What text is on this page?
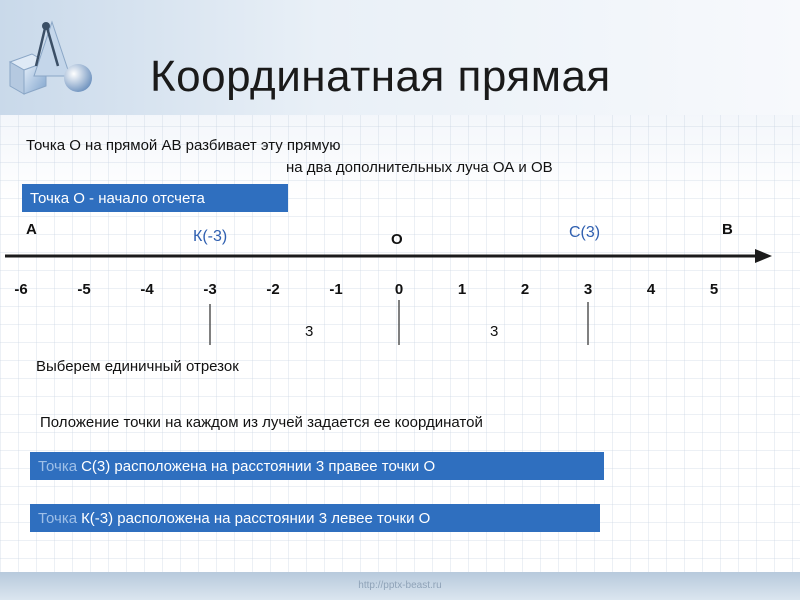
Координатная прямая
Точка О на прямой АВ разбивает эту прямую
на два дополнительных луча ОА и ОВ
Точка О - начало отсчета
А	В
О
К(-3)	С(3)
-6	-5	-4	-3	-2	-1	0	1	2	3	4	5
3	3
Выберем единичный отрезок
Положение точки на каждом из лучей задается ее координатой
Точка С(3) расположена на расстоянии 3 правее точки О
Точка К(-3) расположена на расстоянии 3 левее точки О
http://pptx-beast.ru
